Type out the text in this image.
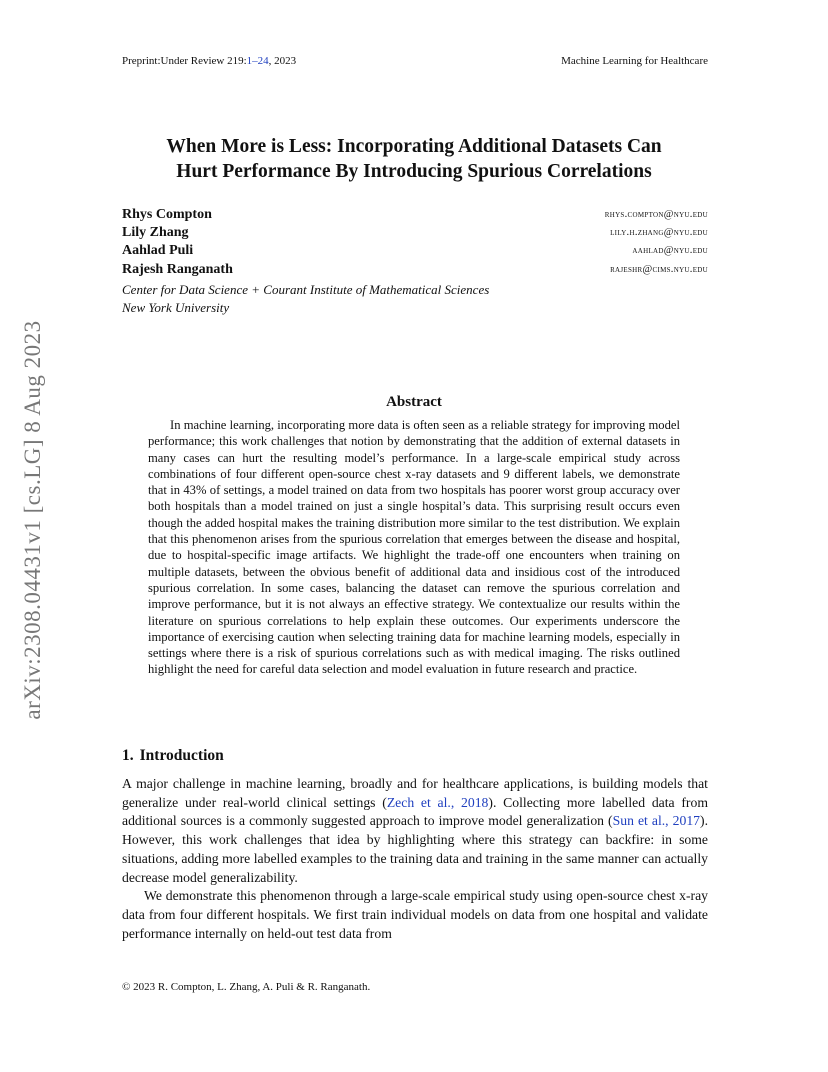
Preprint:Under Review 219:1–24, 2023	Machine Learning for Healthcare
When More is Less: Incorporating Additional Datasets Can
Hurt Performance By Introducing Spurious Correlations
Rhys Compton	rhys.compton@nyu.edu
Lily Zhang	lily.h.zhang@nyu.edu
Aahlad Puli	aahlad@nyu.edu
Rajesh Ranganath	rajeshr@cims.nyu.edu
Center for Data Science + Courant Institute of Mathematical Sciences
New York University
arXiv:2308.04431v1 [cs.LG] 8 Aug 2023	Abstract
In machine learning, incorporating more data is often seen as a reliable strategy for improving model performance; this work challenges that notion by demonstrating that the addition of external datasets in many cases can hurt the resulting model’s performance. In a large-scale empirical study across combinations of four different open-source chest x-ray datasets and 9 different labels, we demonstrate that in 43% of settings, a model trained on data from two hospitals has poorer worst group accuracy over both hospitals than a model trained on just a single hospital’s data. This surprising result occurs even though the added hospital makes the training distribution more similar to the test distribution. We explain that this phenomenon arises from the spurious correlation that emerges between the disease and hospital, due to hospital-specific image artifacts. We highlight the trade-off one encounters when training on multiple datasets, between the obvious benefit of additional data and insidious cost of the introduced spurious correlation. In some cases, balancing the dataset can remove the spurious correlation and improve performance, but it is not always an effective strategy. We contextualize our results within the literature on spurious correlations to help explain these outcomes. Our experiments underscore the importance of exercising caution when selecting training data for machine learning models, especially in settings where there is a risk of spurious correlations such as with medical imaging. The risks outlined highlight the need for careful data selection and model evaluation in future research and practice.
1. Introduction

A major challenge in machine learning, broadly and for healthcare applications, is building models that generalize under real-world clinical settings (Zech et al., 2018). Collecting more labelled data from additional sources is a commonly suggested approach to improve model generalization (Sun et al., 2017). However, this work challenges that idea by highlighting where this strategy can backfire: in some situations, adding more labelled examples to the training data and training in the same manner can actually decrease model generalizability.

We demonstrate this phenomenon through a large-scale empirical study using open-source chest x-ray data from four different hospitals. We first train individual models on data from one hospital and validate performance internally on held-out test data from

© 2023 R. Compton, L. Zhang, A. Puli & R. Ranganath.
